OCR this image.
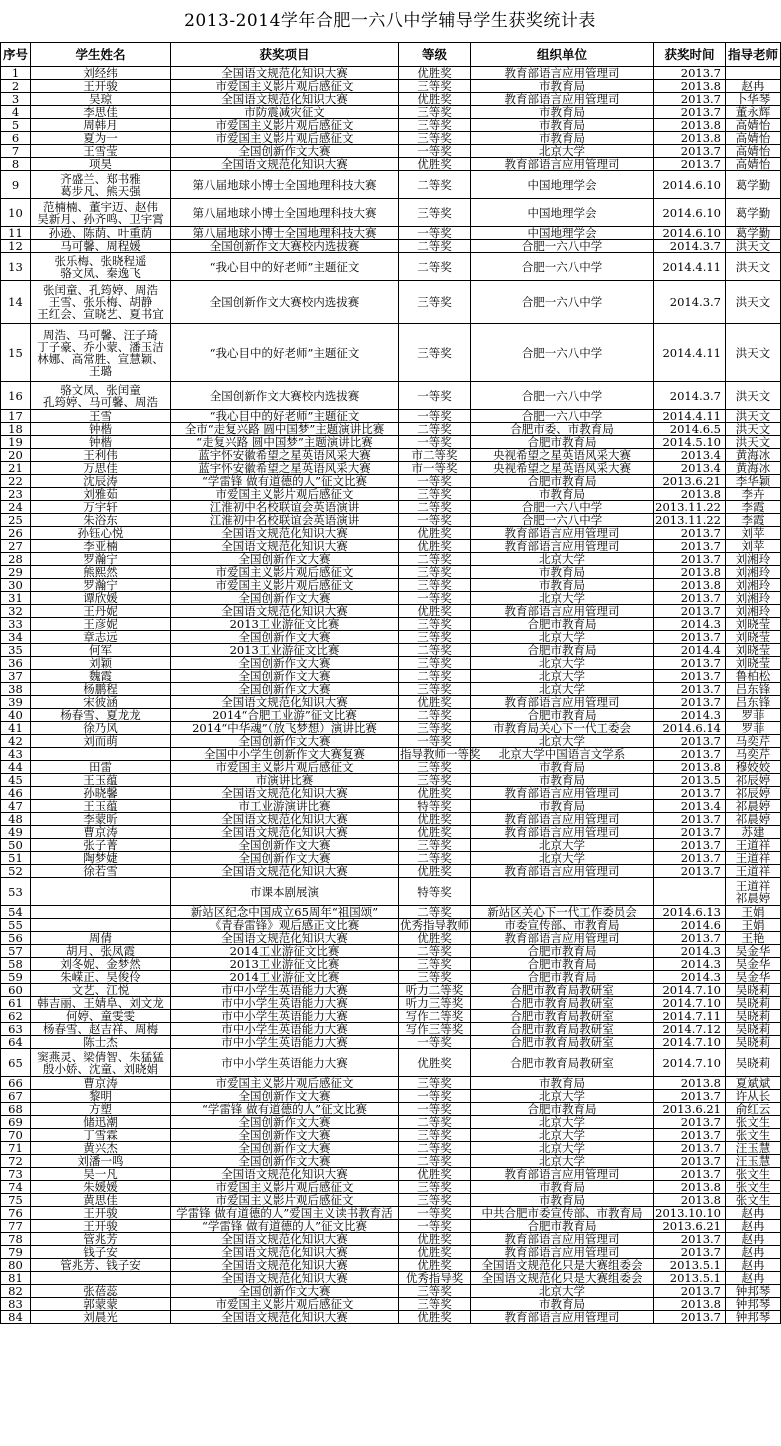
2013-2014学年合肥一六八中学辅导学生获奖统计表
序号	学生姓名	获奖项目	等级	组织单位	获奖时间	指导老师
1	刘经纬	全国语文规范化知识大赛	优胜奖	教育部语言应用管理司	2013.7	
2	王开骏	市爱国主义影片观后感征文	三等奖	市教育局	2013.8	赵冉
3	吴琼	全国语文规范化知识大赛	优胜奖	教育部语言应用管理司	2013.7	卜华琴
4	李思佳	市防震减灾征文	三等奖	市教育局	2013.7	董永辉
5	周韩月	市爱国主义影片观后感征文	三等奖	市教育局	2013.8	高婧怡
6	夏为一	市爱国主义影片观后感征文	三等奖	市教育局	2013.8	高婧怡
7	王雪莹	全国创新作文大赛	一等奖	北京大学	2013.7	高婧怡
8	项昊	全国语文规范化知识大赛	优胜奖	教育部语言应用管理司	2013.7	高婧怡
9	齐盛兰、郑书雅
葛步凡、熊天强	第八届地球小博士全国地理科技大赛	二等奖	中国地理学会	2014.6.10	葛学勤
10	范楠楠、董宇迈、赵伟
吴新月、孙齐鸣、卫宇霄	第八届地球小博士全国地理科技大赛	三等奖	中国地理学会	2014.6.10	葛学勤
11	孙逊、陈荫、叶重荫	第八届地球小博士全国地理科技大赛	一等奖	中国地理学会	2014.6.10	葛学勤
12	马可馨、周程媛	全国创新作文大赛校内选拔赛	二等奖	合肥一六八中学	2014.3.7	洪天文
13	张乐梅、张晓程遥
骆文凤、秦逸飞	“我心目中的好老师”主题征文	二等奖	合肥一六八中学	2014.4.11	洪天文
14	张闰童、孔筠婷、周浩
王雪、张乐梅、胡静
王红会、宣晓艺、夏书宜	全国创新作文大赛校内选拔赛	三等奖	合肥一六八中学	2014.3.7	洪天文
15	周浩、马可馨、汪子琦
丁子豪、乔小蒙、潘玉洁
林娜、高常胜、宣慧颖、
王璐	“我心目中的好老师”主题征文	三等奖	合肥一六八中学	2014.4.11	洪天文
16	骆文凤、张闰童
孔筠婷、马可馨、周浩	全国创新作文大赛校内选拔赛	一等奖	合肥一六八中学	2014.3.7	洪天文
17	王雪	“我心目中的好老师”主题征文	一等奖	合肥一六八中学	2014.4.11	洪天文
18	钟楷	全市“走复兴路 圆中国梦”主题演讲比赛	二等奖	合肥市委、市教育局	2014.6.5	洪天文
19	钟楷	“走复兴路 圆中国梦”主题演讲比赛	一等奖	合肥市教育局	2014.5.10	洪天文
20	王利伟	蓝宇怀安徽希望之星英语风采大赛	市二等奖	央视希望之星英语风采大赛	2013.4	黄海冰
21	万思佳	蓝宇怀安徽希望之星英语风采大赛	市一等奖	央视希望之星英语风采大赛	2013.4	黄海冰
22	沈辰涛	“学雷锋 做有道德的人”征文比赛	一等奖	合肥市教育局	2013.6.21	李华颖
23	刘雅茹	市爱国主义影片观后感征文	三等奖	市教育局	2013.8	李卉
24	万宇轩	江淮初中名校联谊会英语演讲	二等奖	合肥一六八中学	2013.11.22	李霞
25	朱浴东	江淮初中名校联谊会英语演讲	一等奖	合肥一六八中学	2013.11.22	李霞
26	孙钰心悦	全国语文规范化知识大赛	优胜奖	教育部语言应用管理司	2013.7	刘苹
27	李亚楠	全国语文规范化知识大赛	优胜奖	教育部语言应用管理司	2013.7	刘苹
28	罗瀚宁	全国创新作文大赛	二等奖	北京大学	2013.7	刘湘玲
29	熊熙然	市爱国主义影片观后感征文	三等奖	市教育局	2013.8	刘湘玲
30	罗瀚宁	市爱国主义影片观后感征文	三等奖	市教育局	2013.8	刘湘玲
31	谭欣媛	全国创新作文大赛	一等奖	北京大学	2013.7	刘湘玲
32	王丹妮	全国语文规范化知识大赛	优胜奖	教育部语言应用管理司	2013.7	刘湘玲
33	王彦妮	2013工业游征文比赛	三等奖	合肥市教育局	2014.3	刘晓莹
34	章志远	全国创新作文大赛	三等奖	北京大学	2013.7	刘晓莹
35	何军	2013工业游征文比赛	二等奖	合肥市教育局	2014.4	刘晓莹
36	刘颖	全国创新作文大赛	三等奖	北京大学	2013.7	刘晓莹
37	魏霞	全国创新作文大赛	二等奖	北京大学	2013.7	鲁柏松
38	杨鹏程	全国创新作文大赛	三等奖	北京大学	2013.7	吕东锋
39	宋彼涵	全国语文规范化知识大赛	优胜奖	教育部语言应用管理司	2013.7	吕东锋
40	杨春雪、夏龙龙	2014“合肥工业游”征文比赛	二等奖	合肥市教育局	2014.3	罗菲
41	徐乃风	2014“中华魂”（放飞梦想）演讲比赛	三等奖	市教育局关心下一代工委会	2014.6.14	罗菲
42	刘而萌	全国创新作文大赛	一等奖	北京大学	2013.7	马奕芹
43		全国中小学生创新作文大赛复赛	指导教师一等奖	北京大学中国语言文学系	2013.7	马奕芹
44	田雷	市爱国主义影片观后感征文	三等奖	市教育局	2013.8	穆姣姣
45	王玉蕴	市演讲比赛	三等奖	市教育局	2013.5	祁辰婷
46	孙晓馨	全国语文规范化知识大赛	优胜奖	教育部语言应用管理司	2013.7	祁辰婷
47	王玉蕴	市工业游演讲比赛	特等奖	市教育局	2013.4	祁晨婷
48	李蒙昕	全国语文规范化知识大赛	优胜奖	教育部语言应用管理司	2013.7	祁晨婷
49	曹京涛	全国语文规范化知识大赛	优胜奖	教育部语言应用管理司	2013.7	苏建
50	张子菁	全国创新作文大赛	三等奖	北京大学	2013.7	王道祥
51	陶梦婕	全国创新作文大赛	二等奖	北京大学	2013.7	王道祥
52	徐若雪	全国语文规范化知识大赛	优胜奖	教育部语言应用管理司	2013.7	王道祥
53		市课本剧展演	特等奖			王道祥
祁晨婷
54		新站区纪念中国成立65周年“祖国颂”	二等奖	新站区关心下一代工作委员会	2014.6.13	王娟
55		《青春雷锋》观后感正文比赛	优秀指导教师	市委宣传部、市教育局	2014.6	王娟
56	周倩	全国语文规范化知识大赛	优胜奖	教育部语言应用管理司	2013.7	王艳
57	胡月、张凤霞	2014工业游征文比赛	二等奖	合肥市教育局	2014.3	吴金华
58	刘冬妮、金梦然	2013工业游征文比赛	三等奖	合肥市教育局	2014.3	吴金华
59	朱嵘正、吴俊伶	2014工业游征文比赛	三等奖	合肥市教育局	2014.3	吴金华
60	文艺、江悦	市中小学生英语能力大赛	听力二等奖	合肥市教育局教研室	2014.7.10	吴晓莉
61	韩吉丽、王婧阜、刘文龙	市中小学生英语能力大赛	听力三等奖	合肥市教育局教研室	2014.7.10	吴晓莉
62	何婷、童雯雯	市中小学生英语能力大赛	写作二等奖	合肥市教育局教研室	2014.7.11	吴晓莉
63	杨春雪、赵吉祥、周梅	市中小学生英语能力大赛	写作三等奖	合肥市教育局教研室	2014.7.12	吴晓莉
64	陈士杰	市中小学生英语能力大赛	一等奖	合肥市教育局教研室	2014.7.10	吴晓莉
65	窦燕灵、梁倩智、朱猛猛
殷小娇、沈童、刘晓娟	市中小学生英语能力大赛	优胜奖	合肥市教育局教研室	2014.7.10	吴晓莉
66	曹京涛	市爱国主义影片观后感征文	三等奖	市教育局	2013.8	夏斌斌
67	黎明	全国创新作文大赛	一等奖	北京大学	2013.7	许从长
68	方塑	“学雷锋 做有道德的人”征文比赛	一等奖	合肥市教育局	2013.6.21	俞红云
69	储迅潮	全国创新作文大赛	二等奖	北京大学	2013.7	张文生
70	丁雪霖	全国创新作文大赛	三等奖	北京大学	2013.7	张文生
71	黄兴杰	全国创新作文大赛	二等奖	北京大学	2013.7	汪玉慧
72	刘潘一鸣	全国创新作文大赛	二等奖	北京大学	2013.7	汪玉慧
73	吴一凡	全国语文规范化知识大赛	优胜奖	教育部语言应用管理司	2013.7	张文生
74	朱媛媛	市爱国主义影片观后感征文	三等奖	市教育局	2013.8	张文生
75	黄思佳	市爱国主义影片观后感征文	三等奖	市教育局	2013.8	张文生
76	王开骏	学雷锋 做有道德的人”爱国主义读书教育活	一等奖	中共合肥市委宣传部、市教育局	2013.10.10	赵冉
77	王开骏	“学雷锋 做有道德的人”征文比赛	一等奖	合肥市教育局	2013.6.21	赵冉
78	管兆芳	全国语文规范化知识大赛	优胜奖	教育部语言应用管理司	2013.7	赵冉
79	钱子安	全国语文规范化知识大赛	优胜奖	教育部语言应用管理司	2013.7	赵冉
80	管兆芳、钱子安	全国语文规范化知识大赛	优胜奖	全国语文规范化只是大赛组委会	2013.5.1	赵冉
81		全国语文规范化知识大赛	优秀指导奖	全国语文规范化只是大赛组委会	2013.5.1	赵冉
82	张蓓蕊	全国创新作文大赛	三等奖	北京大学	2013.7	钟邦琴
83	郭蒙蒙	市爱国主义影片观后感征文	三等奖	市教育局	2013.8	钟邦琴
84	刘晨光	全国语文规范化知识大赛	优胜奖	教育部语言应用管理司	2013.7	钟邦琴
